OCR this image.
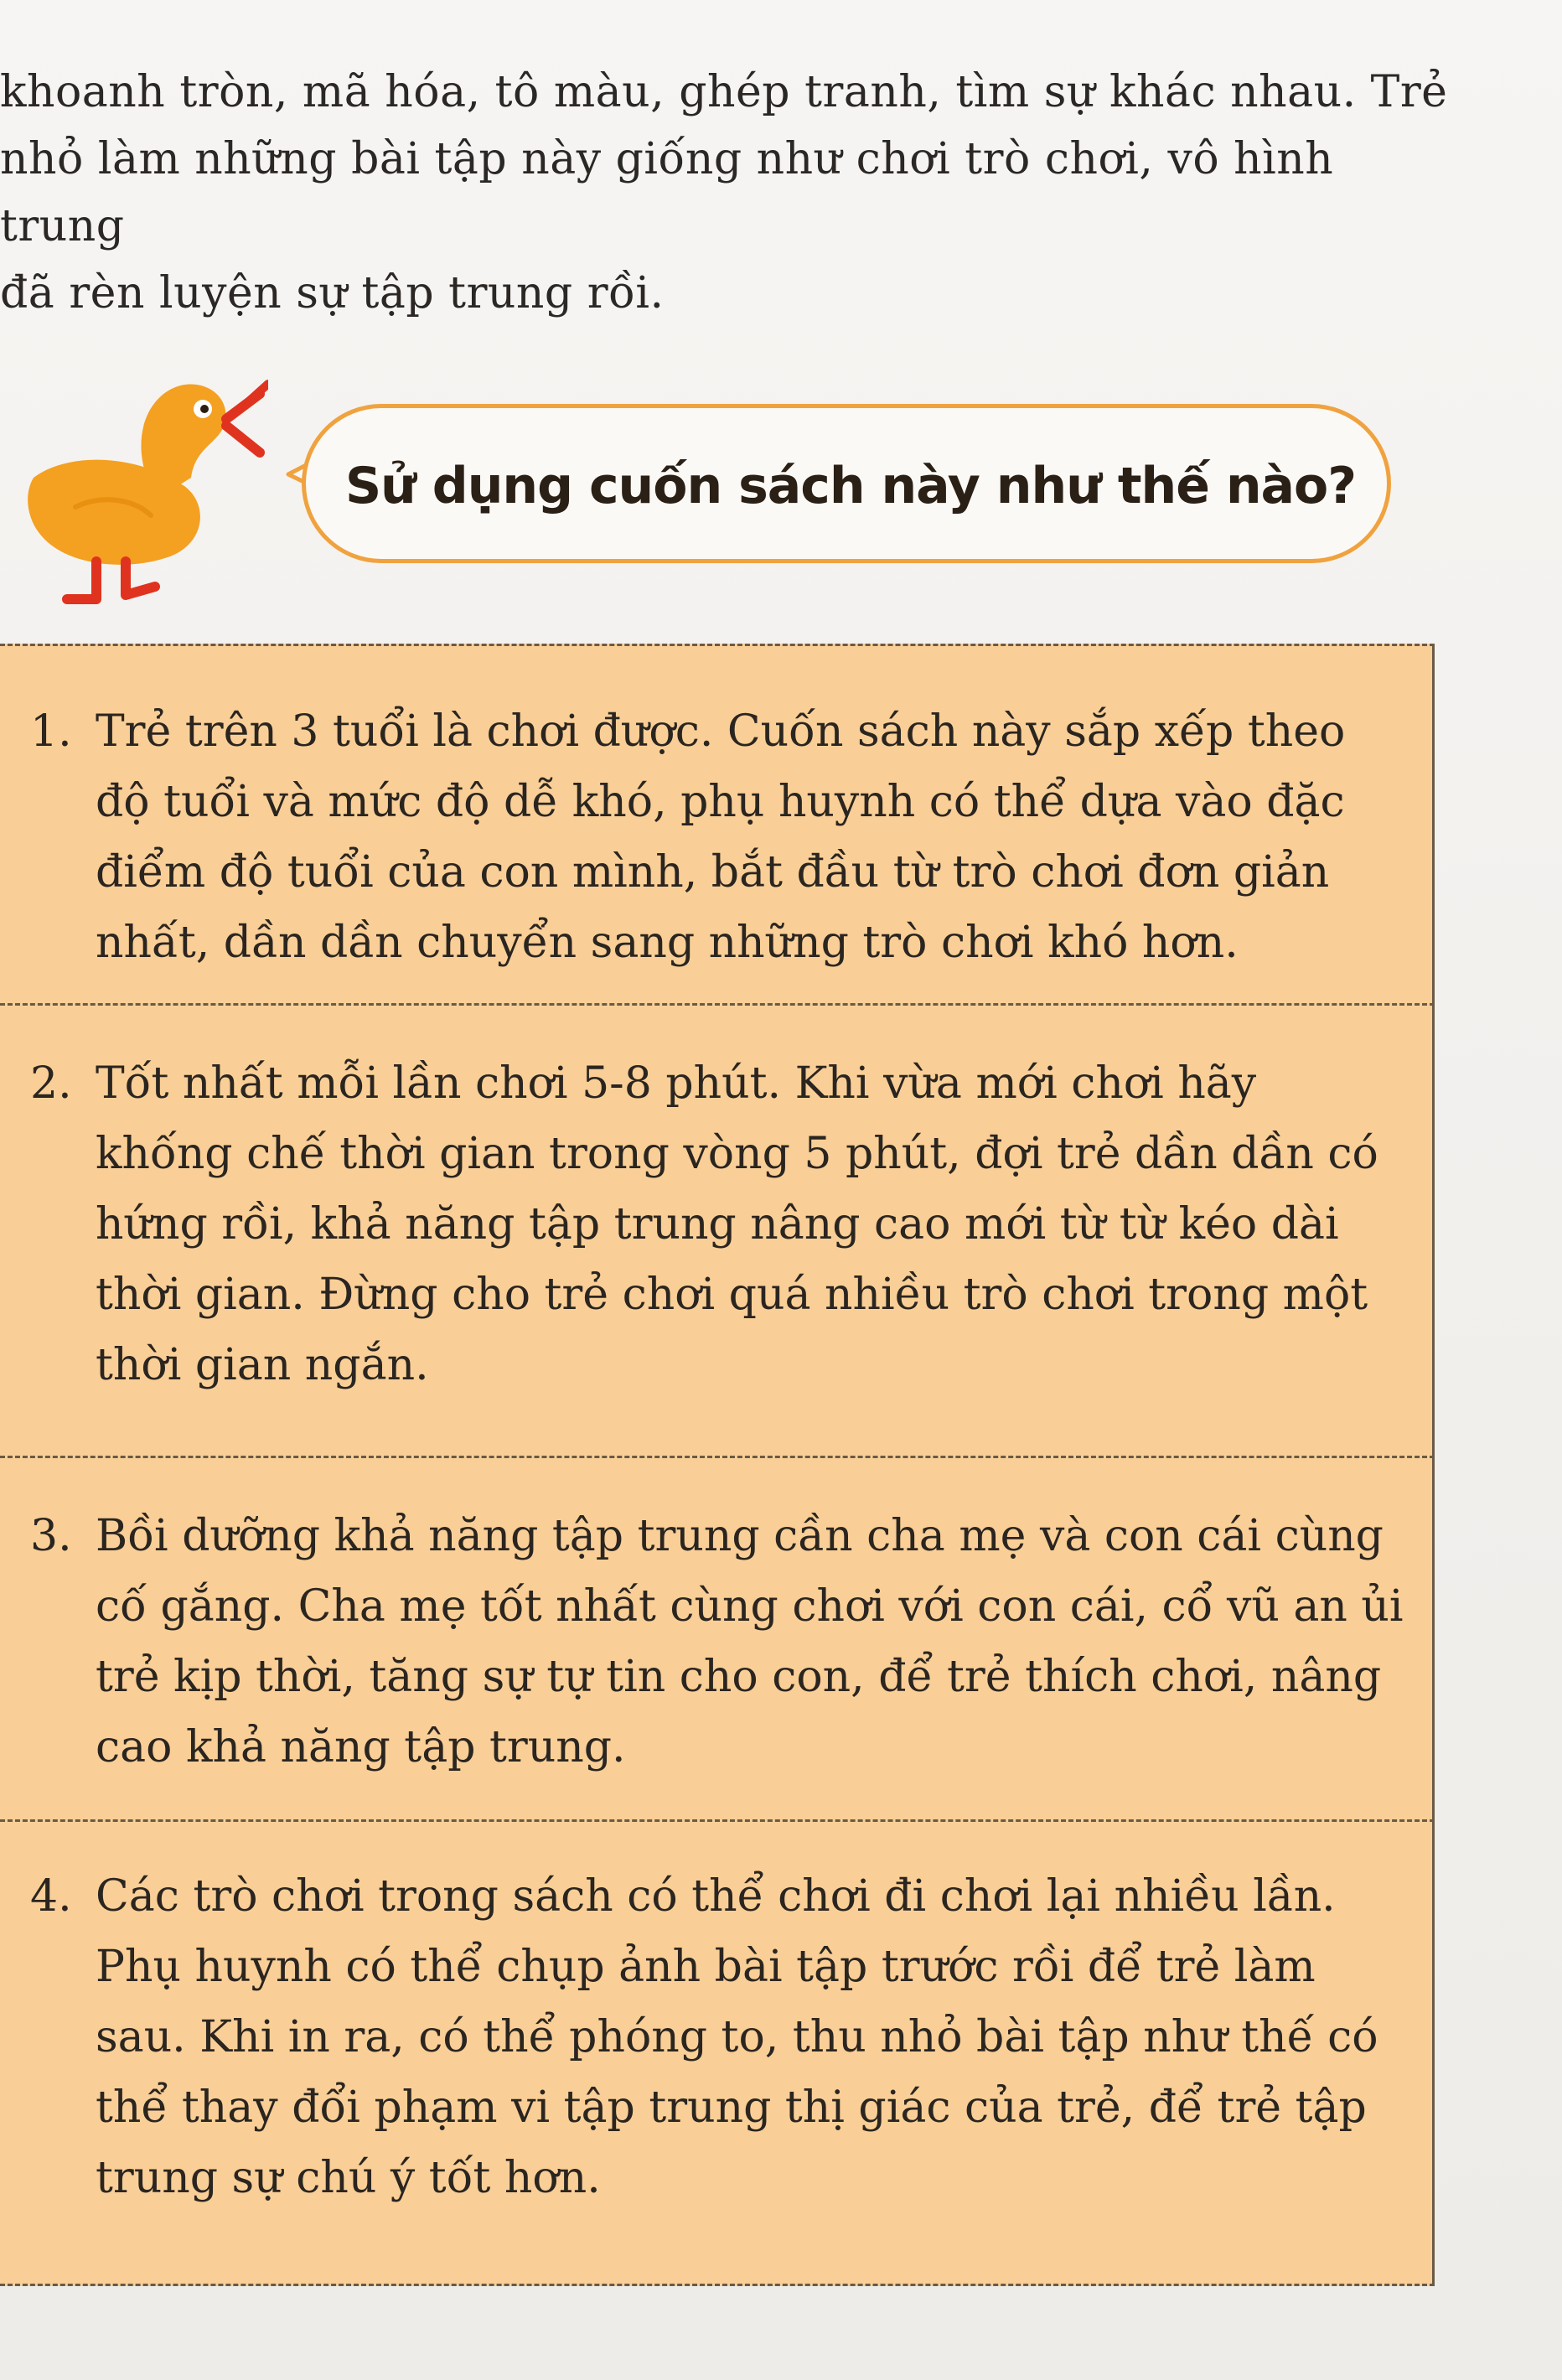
khoanh tròn, mã hóa, tô màu, ghép tranh, tìm sự khác nhau. Trẻ
nhỏ làm những bài tập này giống như chơi trò chơi, vô hình trung
đã rèn luyện sự tập trung rồi.
Sử dụng cuốn sách này như thế nào?
1. Trẻ trên 3 tuổi là chơi được. Cuốn sách này sắp xếp theo độ tuổi và mức độ dễ khó, phụ huynh có thể dựa vào đặc điểm độ tuổi của con mình, bắt đầu từ trò chơi đơn giản nhất, dần dần chuyển sang những trò chơi khó hơn.
2. Tốt nhất mỗi lần chơi 5-8 phút. Khi vừa mới chơi hãy khống chế thời gian trong vòng 5 phút, đợi trẻ dần dần có hứng rồi, khả năng tập trung nâng cao mới từ từ kéo dài thời gian. Đừng cho trẻ chơi quá nhiều trò chơi trong một thời gian ngắn.
3. Bồi dưỡng khả năng tập trung cần cha mẹ và con cái cùng cố gắng. Cha mẹ tốt nhất cùng chơi với con cái, cổ vũ an ủi trẻ kịp thời, tăng sự tự tin cho con, để trẻ thích chơi, nâng cao khả năng tập trung.
4. Các trò chơi trong sách có thể chơi đi chơi lại nhiều lần. Phụ huynh có thể chụp ảnh bài tập trước rồi để trẻ làm sau. Khi in ra, có thể phóng to, thu nhỏ bài tập như thế có thể thay đổi phạm vi tập trung thị giác của trẻ, để trẻ tập trung sự chú ý tốt hơn.
